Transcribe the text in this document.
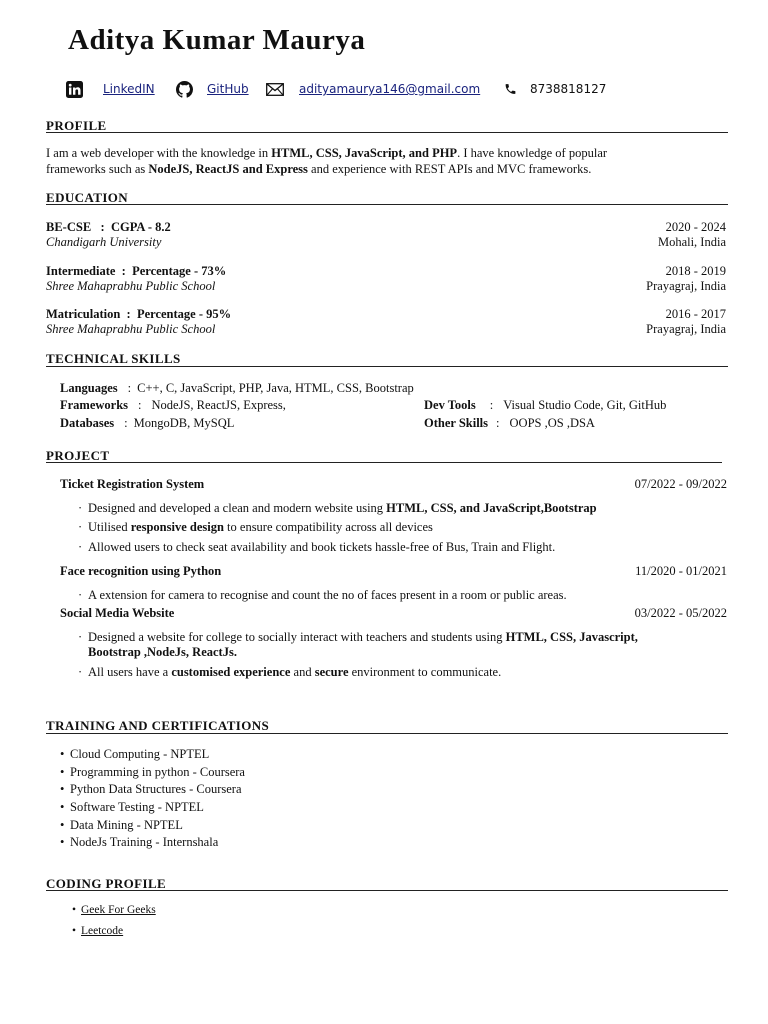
Aditya Kumar Maurya
LinkedIN	GitHub	adityamaurya146@gmail.com	8738818127
PROFILE
I am a web developer with the knowledge in HTML, CSS, JavaScript, and PHP. I have knowledge of popular
frameworks such as NodeJS, ReactJS and Express and experience with REST APIs and MVC frameworks.
EDUCATION
BE-CSE   :  CGPA - 8.2	2020 - 2024
Chandigarh University	Mohali, India
Intermediate  :  Percentage - 73%	2018 - 2019
Shree Mahaprabhu Public School	Prayagraj, India
Matriculation  :  Percentage - 95%	2016 - 2017
Shree Mahaprabhu Public School	Prayagraj, India
TECHNICAL SKILLS
Languages : C++, C, JavaScript, PHP, Java, HTML, CSS, Bootstrap
Frameworks : NodeJS, ReactJS, Express,
Databases : MongoDB, MySQL
Dev Tools : Visual Studio Code, Git, GitHub
Other Skills : OOPS ,OS ,DSA
PROJECT
Ticket Registration System	07/2022 - 09/2022
· Designed and developed a clean and modern website using HTML, CSS, and JavaScript,Bootstrap
· Utilised responsive design to ensure compatibility across all devices
· Allowed users to check seat availability and book tickets hassle-free of Bus, Train and Flight.
Face recognition using Python	11/2020 - 01/2021
· A extension for camera to recognise and count the no of faces present in a room or public areas.
Social Media Website	03/2022 - 05/2022
· Designed a website for college to socially interact with teachers and students using HTML, CSS, Javascript,
Bootstrap ,NodeJs, ReactJs.
· All users have a customised experience and secure environment to communicate.
TRAINING AND CERTIFICATIONS
• Cloud Computing - NPTEL
• Programming in python - Coursera
• Python Data Structures - Coursera
• Software Testing - NPTEL
• Data Mining - NPTEL
• NodeJs Training - Internshala
CODING PROFILE
• Geek For Geeks
• Leetcode
